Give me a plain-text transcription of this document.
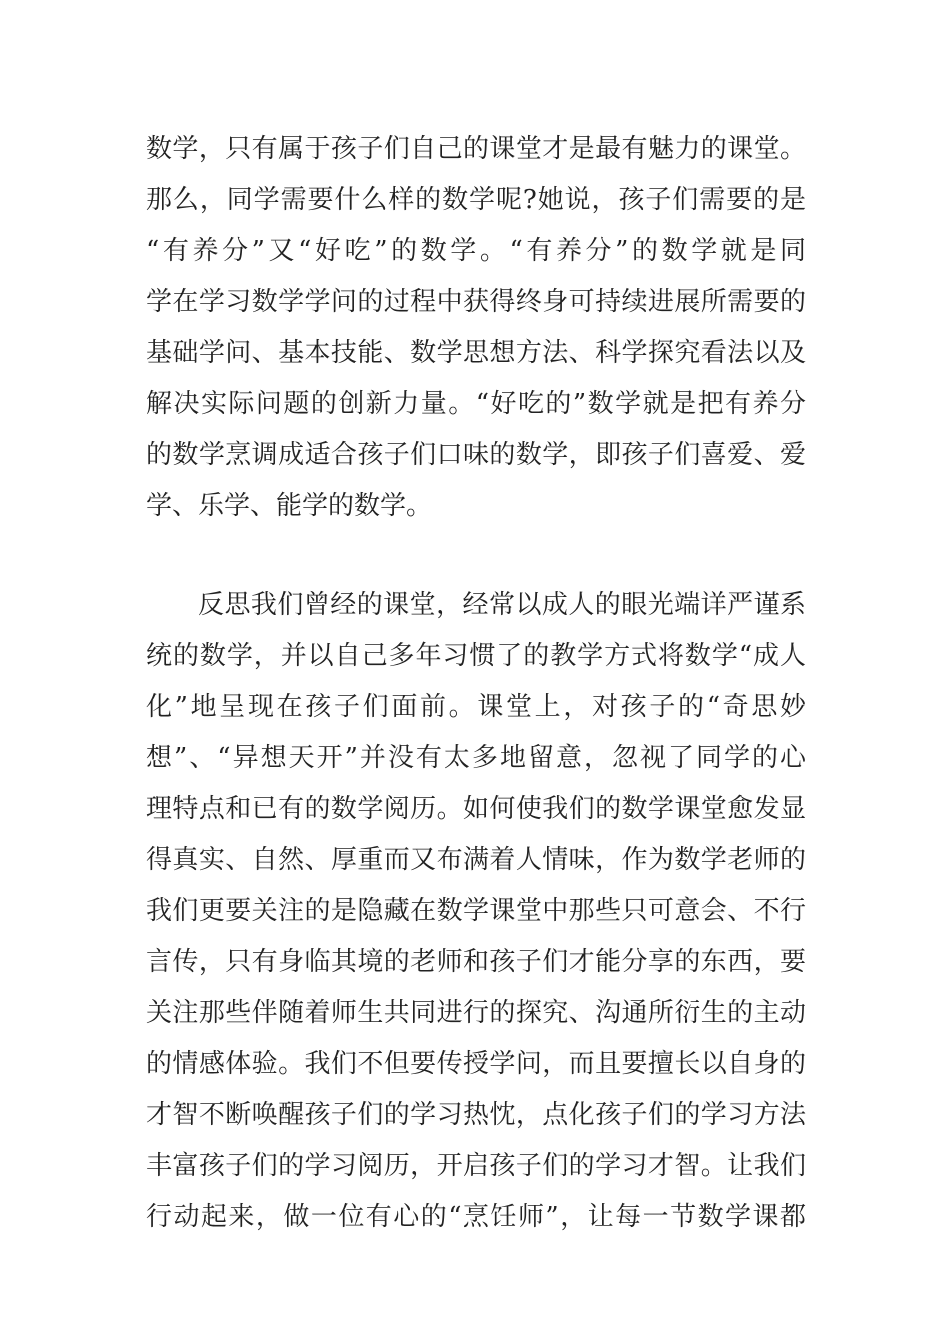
数学，只有属于孩子们自己的课堂才是最有魅力的课堂。
那么，同学需要什么样的数学呢?她说，孩子们需要的是
“有养分”又“好吃”的数学。“有养分”的数学就是同
学在学习数学学问的过程中获得终身可持续进展所需要的
基础学问、基本技能、数学思想方法、科学探究看法以及
解决实际问题的创新力量。“好吃的”数学就是把有养分
的数学烹调成适合孩子们口味的数学，即孩子们喜爱、爱
学、乐学、能学的数学。
反思我们曾经的课堂，经常以成人的眼光端详严谨系
统的数学，并以自己多年习惯了的教学方式将数学“成人
化”地呈现在孩子们面前。课堂上，对孩子的“奇思妙
想”、“异想天开”并没有太多地留意，忽视了同学的心
理特点和已有的数学阅历。如何使我们的数学课堂愈发显
得真实、自然、厚重而又布满着人情味，作为数学老师的
我们更要关注的是隐藏在数学课堂中那些只可意会、不行
言传，只有身临其境的老师和孩子们才能分享的东西，要
关注那些伴随着师生共同进行的探究、沟通所衍生的主动
的情感体验。我们不但要传授学问，而且要擅长以自身的
才智不断唤醒孩子们的学习热忱，点化孩子们的学习方法
丰富孩子们的学习阅历，开启孩子们的学习才智。让我们
行动起来，做一位有心的“烹饪师”，让每一节数学课都
